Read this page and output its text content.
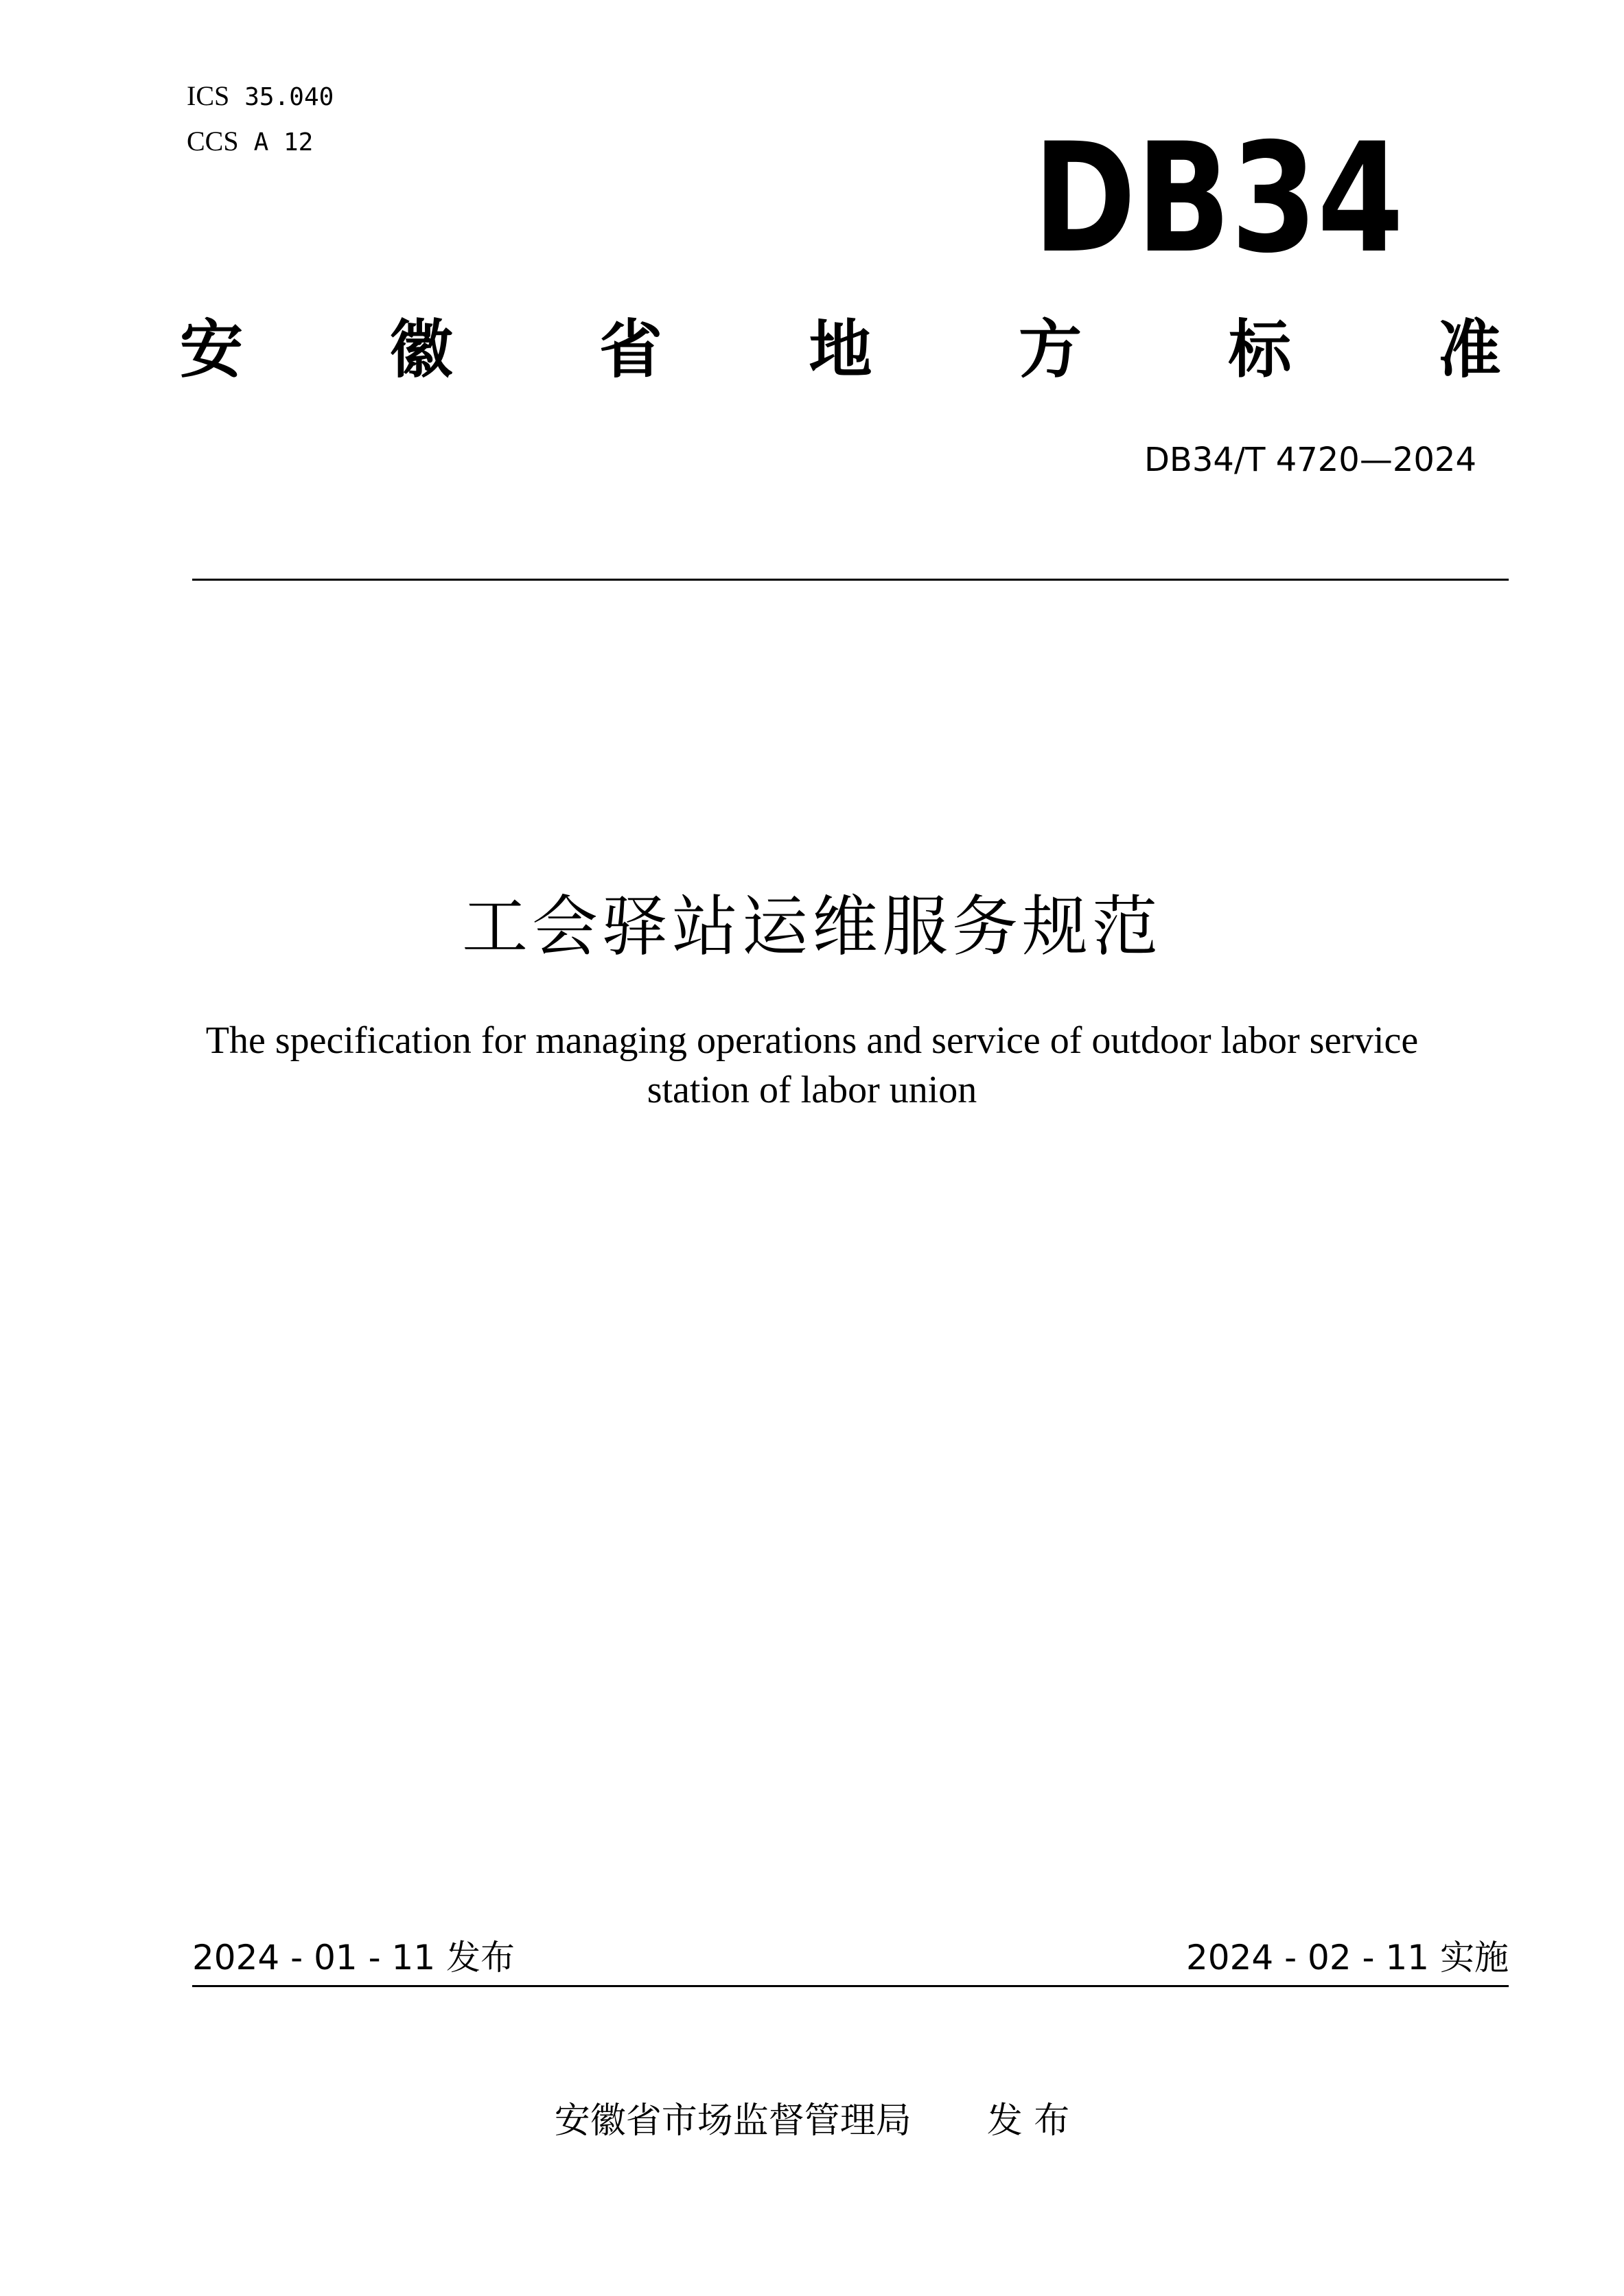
ICS 35.040
CCS A 12	DB34
安 徽 省 地 方 标 准
DB34/T 4720—2024
工会驿站运维服务规范
The specification for managing operations and service of outdoor labor service
station of labor union
2024 - 01 - 11 发布	2024 - 02 - 11 实施
安徽省市场监督管理局 发 布
